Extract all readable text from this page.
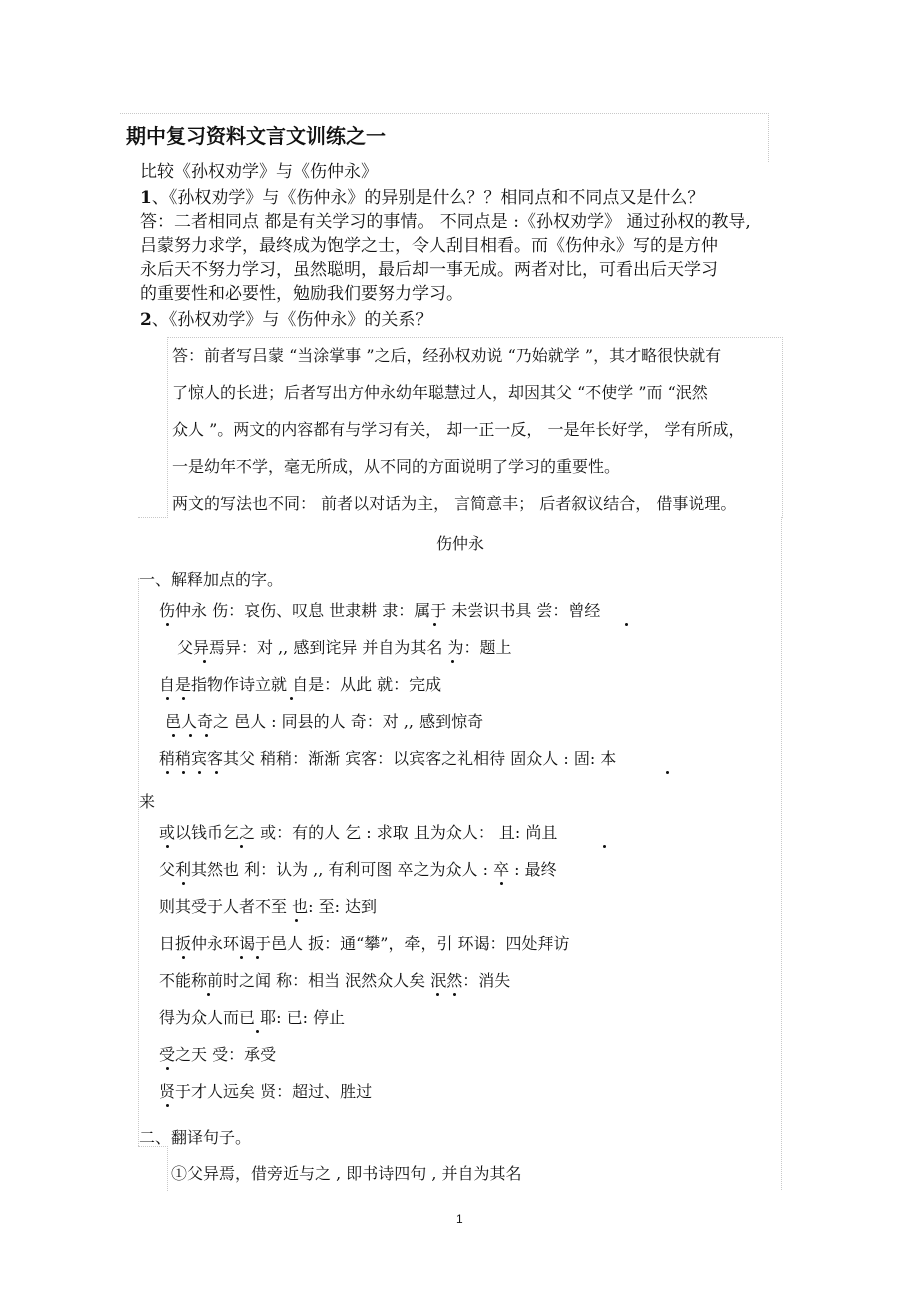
期中复习资料文言文训练之一
比较《孙权劝学》与《伤仲永》
1、《孙权劝学》与《伤仲永》的异别是什么？？相同点和不同点又是什么？
答：二者相同点 都是有关学习的事情。 不同点是 :《孙权劝学》 通过孙权的教导,
吕蒙努力求学，最终成为饱学之士，令人刮目相看。而《伤仲永》写的是方仲
永后天不努力学习，虽然聪明，最后却一事无成。两者对比，可看出后天学习
的重要性和必要性，勉励我们要努力学习。
2、《孙权劝学》与《伤仲永》的关系？
答：前者写吕蒙 “当涂掌事 ”之后，经孙权劝说 “乃始就学 ”，其才略很快就有
了惊人的长进；后者写出方仲永幼年聪慧过人，却因其父 “不使学 ”而 “泯然
众人 ”。两文的内容都有与学习有关， 却一正一反， 一是年长好学， 学有所成，
一是幼年不学，毫无所成，从不同的方面说明了学习的重要性。
两文的写法也不同： 前者以对话为主， 言简意丰； 后者叙议结合， 借事说理。
伤仲永
一、解释加点的字。
伤仲永 伤：哀伤、叹息 世隶耕 隶：属于 未尝识书具 尝：曾经
父异焉异：对 ,, 感到诧异 并自为其名 为：题上
自是指物作诗立就 自是：从此 就：完成
邑人奇之 邑人 : 同县的人 奇：对 ,, 感到惊奇
稍稍宾客其父 稍稍：渐渐 宾客：以宾客之礼相待 固众人 : 固: 本
来
或以钱币乞之 或：有的人 乞 : 求取 且为众人： 且: 尚且
父利其然也 利：认为 ,, 有利可图 卒之为众人 : 卒 : 最终
则其受于人者不至 也: 至: 达到
日扳仲永环谒于邑人 扳：通“攀”，牵，引 环谒：四处拜访
不能称前时之闻 称：相当 泯然众人矣 泯然：消失
得为众人而已 耶: 已: 停止
受之天 受：承受
贤于才人远矣 贤：超过、胜过
二、翻译句子。
①父异焉，借旁近与之 , 即书诗四句 , 并自为其名
1
